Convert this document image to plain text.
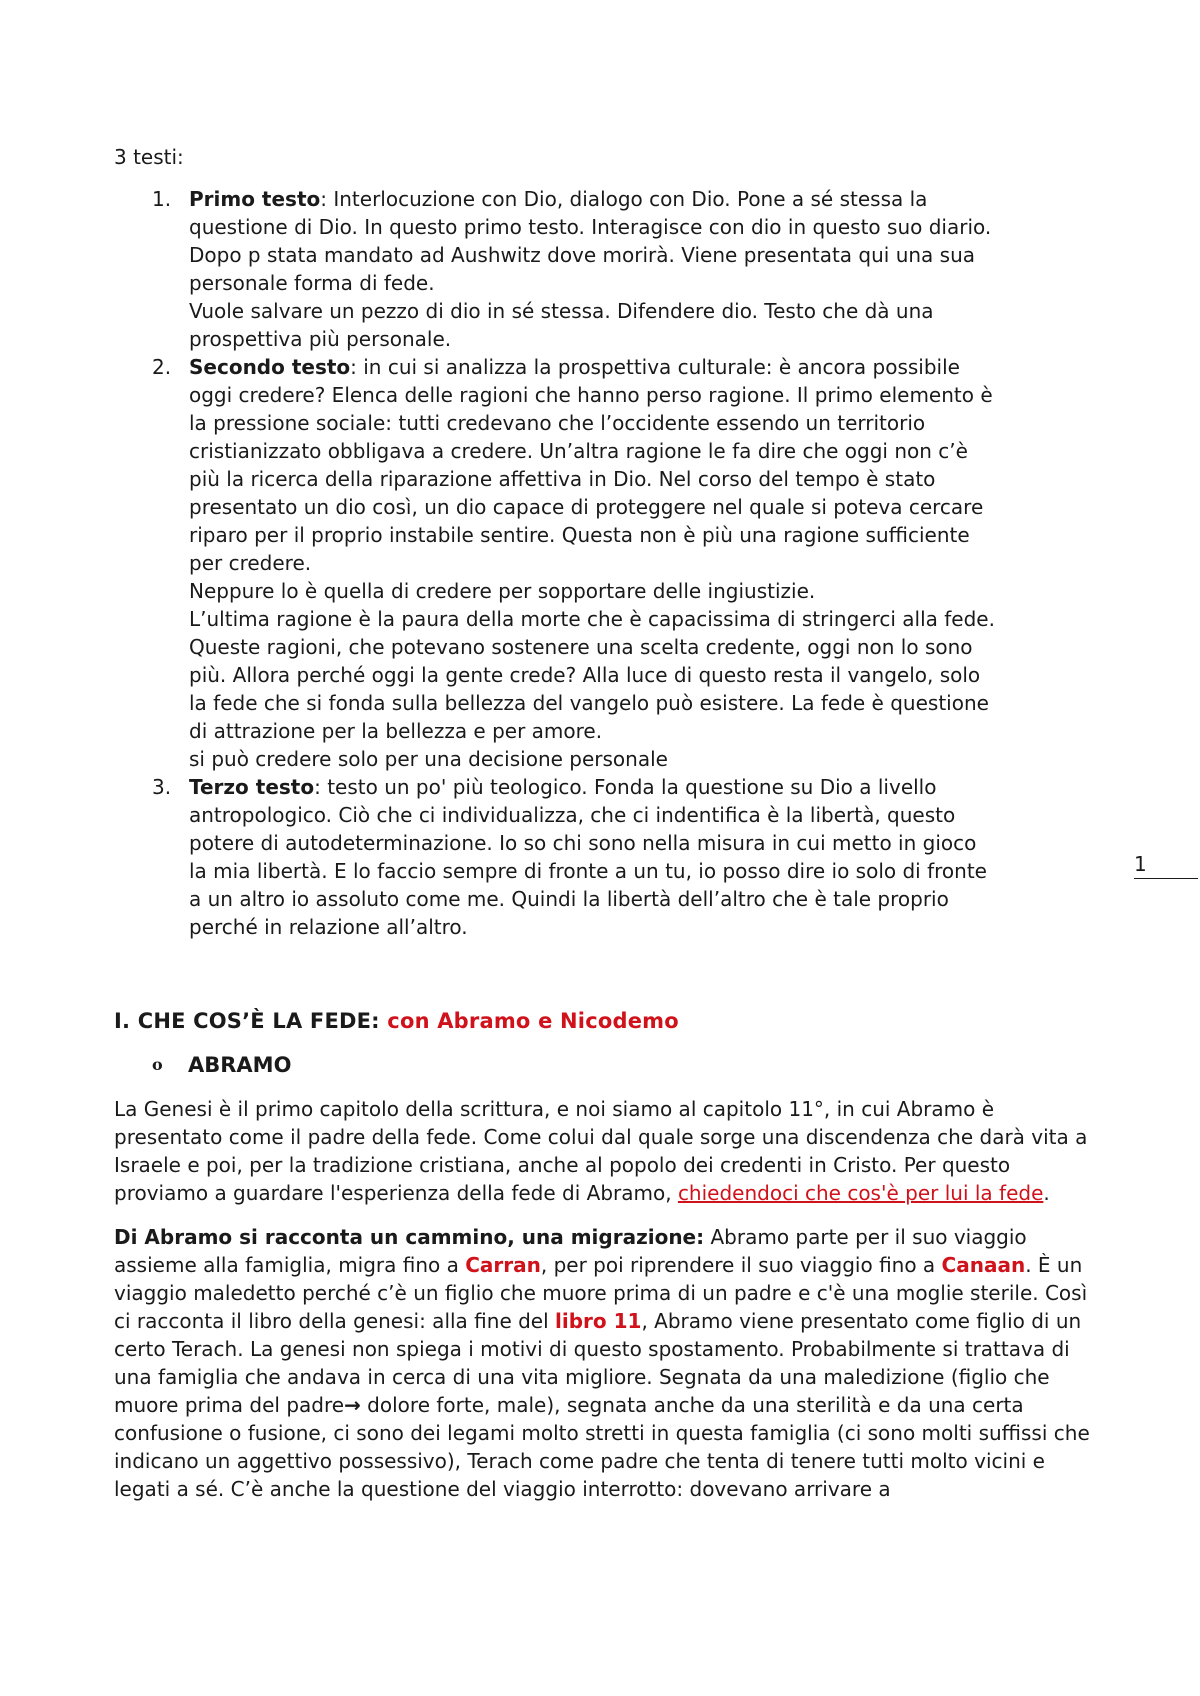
3 testi:

1. Primo testo: Interlocuzione con Dio, dialogo con Dio. Pone a sé stessa la
questione di Dio. In questo primo testo. Interagisce con dio in questo suo diario.
Dopo p stata mandato ad Aushwitz dove morirà. Viene presentata qui una sua
personale forma di fede.
Vuole salvare un pezzo di dio in sé stessa. Difendere dio. Testo che dà una
prospettiva più personale.
2. Secondo testo: in cui si analizza la prospettiva culturale: è ancora possibile
oggi credere? Elenca delle ragioni che hanno perso ragione. Il primo elemento è
la pressione sociale: tutti credevano che l’occidente essendo un territorio
cristianizzato obbligava a credere. Un’altra ragione le fa dire che oggi non c’è
più la ricerca della riparazione affettiva in Dio. Nel corso del tempo è stato
presentato un dio così, un dio capace di proteggere nel quale si poteva cercare
riparo per il proprio instabile sentire. Questa non è più una ragione sufficiente
per credere.
Neppure lo è quella di credere per sopportare delle ingiustizie.
L’ultima ragione è la paura della morte che è capacissima di stringerci alla fede.
Queste ragioni, che potevano sostenere una scelta credente, oggi non lo sono
più. Allora perché oggi la gente crede? Alla luce di questo resta il vangelo, solo
la fede che si fonda sulla bellezza del vangelo può esistere. La fede è questione
di attrazione per la bellezza e per amore.
si può credere solo per una decisione personale
3. Terzo testo: testo un po' più teologico. Fonda la questione su Dio a livello
antropologico. Ciò che ci individualizza, che ci indentifica è la libertà, questo
potere di autodeterminazione. Io so chi sono nella misura in cui metto in gioco
la mia libertà. E lo faccio sempre di fronte a un tu, io posso dire io solo di fronte
a un altro io assoluto come me. Quindi la libertà dell’altro che è tale proprio
perché in relazione all’altro.

I. CHE COS’È LA FEDE: con Abramo e Nicodemo

o ABRAMO

La Genesi è il primo capitolo della scrittura, e noi siamo al capitolo 11°, in cui Abramo è presentato come il padre della fede. Come colui dal quale sorge una discendenza che darà vita a Israele e poi, per la tradizione cristiana, anche al popolo dei credenti in Cristo. Per questo proviamo a guardare l'esperienza della fede di Abramo, chiedendoci che cos'è per lui la fede.

Di Abramo si racconta un cammino, una migrazione: Abramo parte per il suo viaggio assieme alla famiglia, migra fino a Carran, per poi riprendere il suo viaggio fino a Canaan. È un viaggio maledetto perché c’è un figlio che muore prima di un padre e c'è una moglie sterile. Così ci racconta il libro della genesi: alla fine del libro 11, Abramo viene presentato come figlio di un certo Terach. La genesi non spiega i motivi di questo spostamento. Probabilmente si trattava di una famiglia che andava in cerca di una vita migliore. Segnata da una maledizione (figlio che muore prima del padre→ dolore forte, male), segnata anche da una sterilità e da una certa confusione o fusione, ci sono dei legami molto stretti in questa famiglia (ci sono molti suffissi che indicano un aggettivo possessivo), Terach come padre che tenta di tenere tutti molto vicini e legati a sé. C’è anche la questione del viaggio interrotto: dovevano arrivare a

1
